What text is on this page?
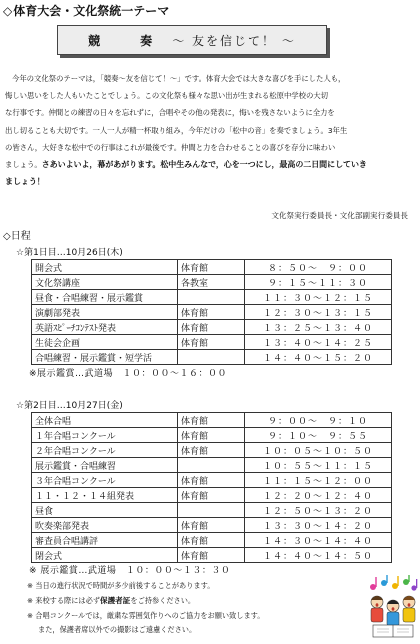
◇体育大会・文化祭統一テーマ
競　奏 ～ 友を信じて！ ～

今年の文化祭のテーマは，「競奏～友を信じて！～」です。体育大会では大きな喜びを手にした人も，

悔しい思いをした人もいたことでしょう。この文化祭も様々な思い出が生まれる松原中学校の大切

な行事です。仲間との練習の日々を忘れずに，合唱やその他の発表に，悔いを残さないように全力を

出し切ることも大切です。一人一人が精一杯取り組み，今年だけの「松中の音」を奏でましょう。3年生

の皆さん，大好きな松中での行事はこれが最後です。仲間と力を合わせることの喜びを存分に味わい

ましょう。さあいよいよ，幕があがります。松中生みんなで，心を一つにし，最高の二日間にしていき

ましょう！

文化祭実行委員長・文化部副実行委員長
◇日程
☆第1日目…10月26日(木)
開会式	体育館	８：５０～　９：００
文化祭講座	各教室	９：１５～１１：３０
昼食・合唱練習・展示鑑賞		１１：３０～１２：１５
演劇部発表	体育館	１２：３０～１３：１５
英語ｽﾋﾟｰﾁｺﾝﾃｽﾄ発表	体育館	１３：２５～１３：４０
生徒会企画	体育館	１３：４０～１４：２５
合唱練習・展示鑑賞・短学活		１４：４０～１５：２０
※展示鑑賞…武道場　１０：００～１６：００
☆第2日目…10月27日(金)
全体合唱	体育館	９：００～　９：１０
１年合唱コンクール	体育館	９：１０～　９：５５
２年合唱コンクール	体育館	１０：０５～１０：５０
展示鑑賞・合唱練習		１０：５５～１１：１５
３年合唱コンクール	体育館	１１：１５～１２：００
１１・１２・１４組発表	体育館	１２：２０～１２：４０
昼食		１２：５０～１３：２０
吹奏楽部発表	体育館	１３：３０～１４：２０
審査員合唱講評	体育館	１４：３０～１４：４０
閉会式	体育館	１４：４０～１４：５０
※ 展示鑑賞…武道場　１０：００～１３：３０
※ 当日の進行状況で時間が多少前後することがあります。
※ 来校する際には必ず保護者証をご持参ください。
※ 合唱コンクールでは，厳粛な雰囲気作りへのご協力をお願い致します。
また，保護者席以外での撮影はご遠慮ください。
